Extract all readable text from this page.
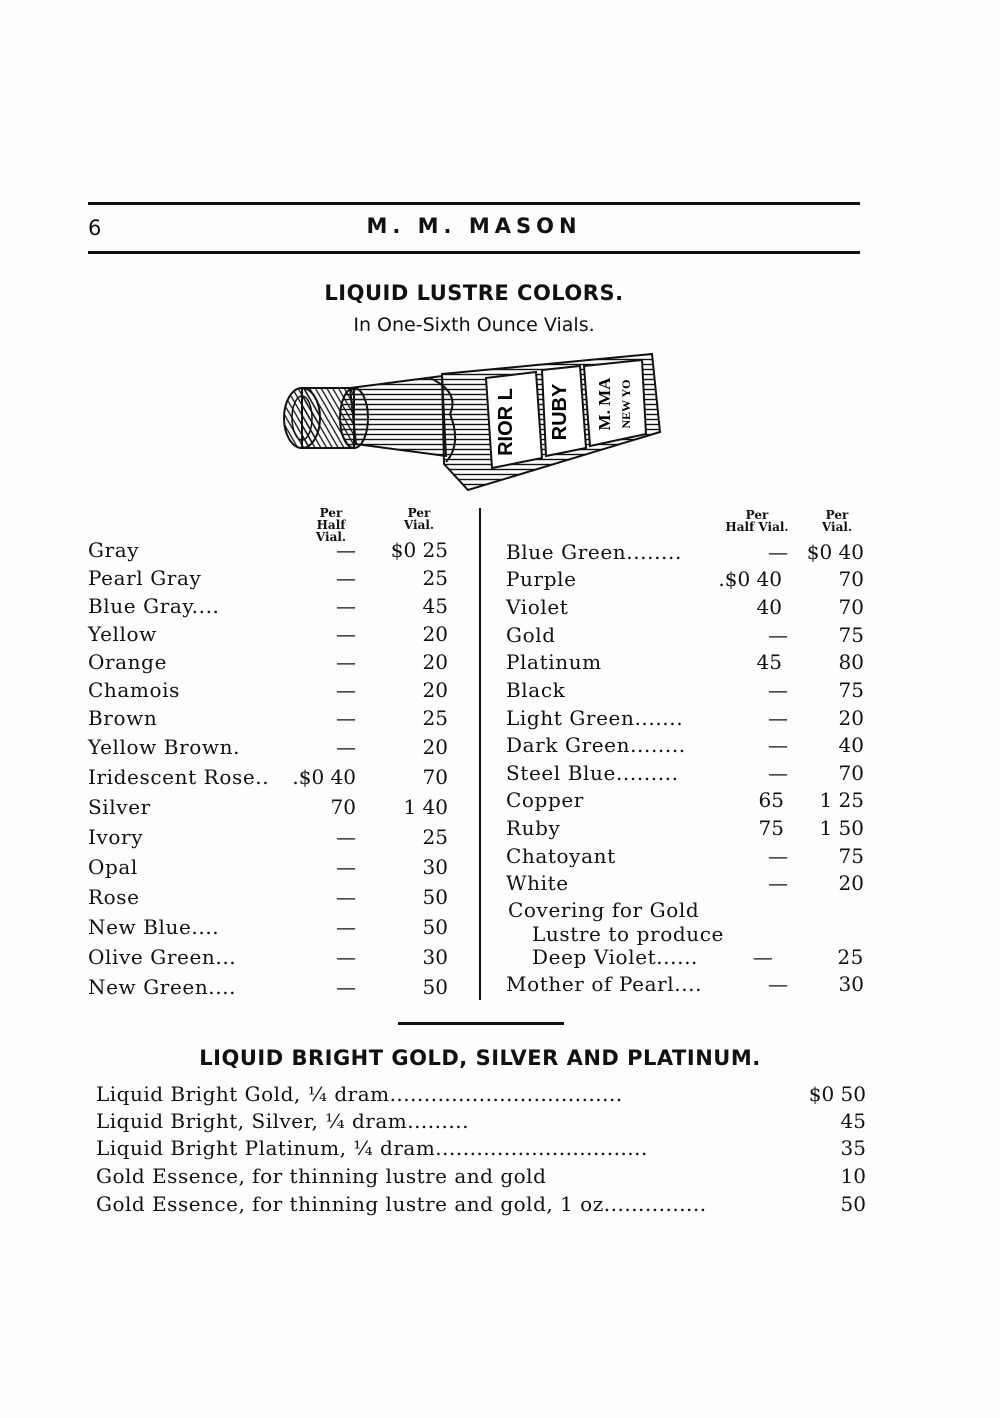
6	M. M. MASON
LIQUID LUSTRE COLORS.
In One-Sixth Ounce Vials.
RIOR L RUBY M. MA NEW YO
Per
Half Vial.
Per
Vial.
Per
Half Vial.
Per
Vial.
Gray	—	$0 25
Pearl Gray	—	25
Blue Gray....	—	45
Yellow	—	20
Orange	—	20
Chamois	—	20
Brown	—	25
Yellow Brown.	—	20
Iridescent Rose.. .$0 40	70
Silver	70	1 40
Ivory	—	25
Opal	—	30
Rose	—	50
New Blue....	—	50
Olive Green...	—	30
New Green....	—	50
Blue Green........	— $0 40
Purple	.$0 40	70
Violet	40	70
Gold	—	75
Platinum	45	80
Black	—	75
Light Green.......	—	20
Dark Green........	—	40
Steel Blue.........	—	70
Copper	65	1 25
Ruby	75	1 50
Chatoyant	—	75
White	—	20
Covering for Gold
Lustre to produce
Deep Violet......	—	25
Mother of Pearl....	—	30
LIQUID BRIGHT GOLD, SILVER AND PLATINUM.
Liquid Bright Gold, ¼ dram..................................	$0 50
Liquid Bright, Silver, ¼ dram.........	45
Liquid Bright Platinum, ¼ dram...............................	35
Gold Essence, for thinning lustre and gold	10
Gold Essence, for thinning lustre and gold, 1 oz...............	50
